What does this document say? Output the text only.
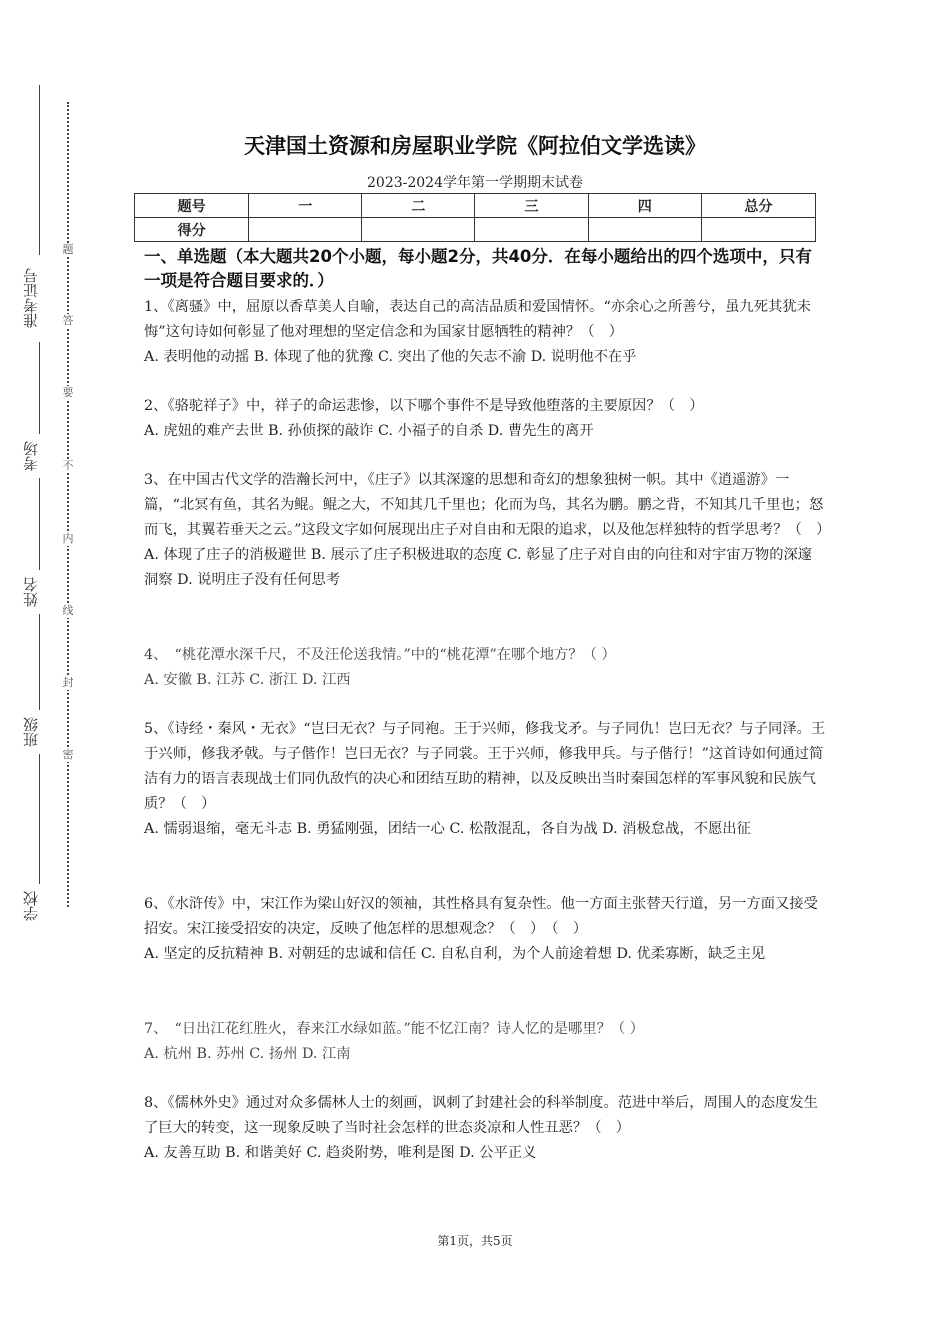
准考证号
考场
姓名
班级
学校
题
答
要
不
内
线
封
密
天津国土资源和房屋职业学院《阿拉伯文学选读》
2023-2024学年第一学期期末试卷
题号	一	二	三	四	总分
得分					
一、单选题（本大题共20个小题，每小题2分，共40分．在每小题给出的四个选项中，只有一项是符合题目要求的．）
1、《离骚》中，屈原以香草美人自喻，表达自己的高洁品质和爱国情怀。“亦余心之所善兮，虽九死其犹未悔”这句诗如何彰显了他对理想的坚定信念和为国家甘愿牺牲的精神？（　）
A. 表明他的动摇 B. 体现了他的犹豫 C. 突出了他的矢志不渝 D. 说明他不在乎
2、《骆驼祥子》中，祥子的命运悲惨，以下哪个事件不是导致他堕落的主要原因？（　）
A. 虎妞的难产去世 B. 孙侦探的敲诈 C. 小福子的自杀 D. 曹先生的离开
3、在中国古代文学的浩瀚长河中，《庄子》以其深邃的思想和奇幻的想象独树一帜。其中《逍遥游》一篇，“北冥有鱼，其名为鲲。鲲之大，不知其几千里也；化而为鸟，其名为鹏。鹏之背，不知其几千里也；怒而飞，其翼若垂天之云。”这段文字如何展现出庄子对自由和无限的追求，以及他怎样独特的哲学思考？（　）
A. 体现了庄子的消极避世 B. 展示了庄子积极进取的态度 C. 彰显了庄子对自由的向往和对宇宙万物的深邃洞察 D. 说明庄子没有任何思考
4、　“桃花潭水深千尺，不及汪伦送我情。”中的“桃花潭”在哪个地方？（ ）
A. 安徽 B. 江苏 C. 浙江 D. 江西
5、《诗经・秦风・无衣》“岂曰无衣？与子同袍。王于兴师，修我戈矛。与子同仇！岂曰无衣？与子同泽。王于兴师，修我矛戟。与子偕作！岂曰无衣？与子同裳。王于兴师，修我甲兵。与子偕行！”这首诗如何通过简洁有力的语言表现战士们同仇敌忾的决心和团结互助的精神，以及反映出当时秦国怎样的军事风貌和民族气质？（　）
A. 懦弱退缩，毫无斗志 B. 勇猛刚强，团结一心 C. 松散混乱，各自为战 D. 消极怠战，不愿出征
6、《水浒传》中，宋江作为梁山好汉的领袖，其性格具有复杂性。他一方面主张替天行道，另一方面又接受招安。宋江接受招安的决定，反映了他怎样的思想观念？（　）　（　）
A. 坚定的反抗精神 B. 对朝廷的忠诚和信任 C. 自私自利，为个人前途着想 D. 优柔寡断，缺乏主见
7、　“日出江花红胜火，春来江水绿如蓝。”能不忆江南？诗人忆的是哪里？（ ）
A. 杭州 B. 苏州 C. 扬州 D. 江南
8、《儒林外史》通过对众多儒林人士的刻画，讽刺了封建社会的科举制度。范进中举后，周围人的态度发生了巨大的转变，这一现象反映了当时社会怎样的世态炎凉和人性丑恶？（　）
A. 友善互助 B. 和谐美好 C. 趋炎附势，唯利是图 D. 公平正义
第1页，共5页
